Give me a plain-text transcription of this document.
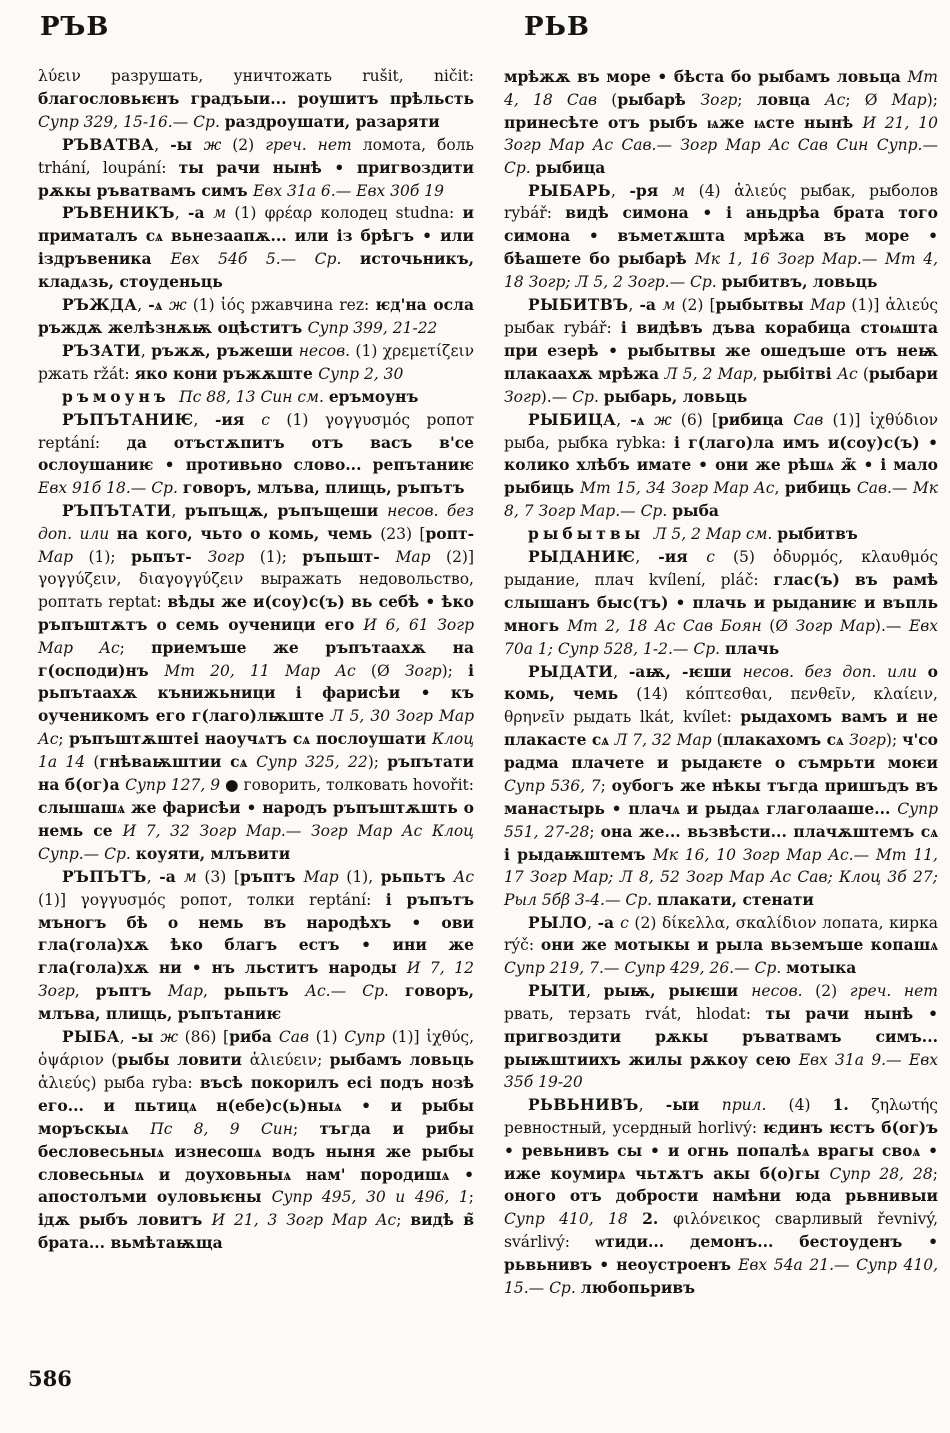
РЪВ

λύειν разрушать, уничтожать rušit, ničit: благословьѥнъ градъыи... роушитъ прѣльсть Супр 329, 15-16.— Ср. раздроушати, разаряти

РЪВАТВА, -ы ж (2) греч. нет ломота, боль trhání, loupání: ты рачи нынѣ • пригвоздити рѫкы ръватвамъ симъ Евх 31а 6.— Евх 30б 19

РЪВЕНИКЪ, -а м (1) φρέαρ колодец studna: и приматалъ сѧ вьнезаапѫ... или із брѣгъ • или іздръвеника Евх 54б 5.— Ср. источьникъ, кладѧзь, стоуденьць

РЪЖДА, -ѧ ж (1) ἰός ржавчина rez: ѥд'на осла ръждѫ желѣзнѫѭ оцѣститъ Супр 399, 21-22

РЪЗАТИ, ръжѫ, ръжеши несов. (1) χρεμετίζειν ржать ržát: яко кони ръжѫште Супр 2, 30

ръмоунъ Пс 88, 13 Син см. еръмоунъ

РЪПЪТАНИѤ, -ия с (1) γογγυσμός ропот reptání: да отъстѫпитъ отъ васъ в'се ослоушаниѥ • противьно слово... репътаниѥ Евх 91б 18.— Ср. говоръ, млъва, плищь, ръпътъ

РЪПЪТАТИ, ръпъщѫ, ръпъщеши несов. без доп. или на кого, чьто о комь, чемь (23) [ропт- Мар (1); рьпът- Зогр (1); ръпьшт- Мар (2)] γογγύζειν, διαγογγύζειν выражать недовольство, роптать reptat: вѣды же и(соу)с(ъ) вь себѣ • ѣко ръпъштѫтъ о семь оученици его И 6, 61 Зогр Мар Ас; приемъше же ръпътаахѫ на г(осподи)нъ Мт 20, 11 Мар Ас (Ø Зогр); і рьпътаахѫ кънижьници і фарисѣи • къ оученикомъ его г(лаго)лѭште Л 5, 30 Зогр Мар Ас; ръпъштѫштеі наоучѧтъ сѧ послоушати Клоц 1а 14 (гнѣваѭштии сѧ Супр 325, 22); ръпътати на б(ог)а Супр 127, 9 ● говорить, толковать hovořit: слышашѧ же фарисѣи • народъ ръпъштѫшть о немь се И 7, 32 Зогр Мар.— Зогр Мар Ас Клоц Супр.— Ср. коуяти, млъвити

РЪПЪТЪ, -а м (3) [ръптъ Мар (1), рьпьтъ Ас (1)] γογγυσμός ропот, толки reptání: і ръпътъ мъногъ бѣ о немь въ народѣхъ • ови гла(гола)хѫ ѣко благъ естъ • ини же гла(гола)хѫ ни • нъ льститъ народы И 7, 12 Зогр, ръптъ Мар, рьпьтъ Ас.— Ср. говоръ, млъва, плищь, ръпътаниѥ

РЫБА, -ы ж (86) [риба Сав (1) Супр (1)] ἰχθύς, ὀψάριον (рыбы ловити ἁλιεύειν; рыбамъ ловьць ἁλιεύς) рыба ryba: въсѣ покорилъ есі подъ нозѣ его... и пьтицѧ н(ебе)с(ь)ныѧ • и рыбы моръскыѧ Пс 8, 9 Син; тъгда и рибы бесловесьныѧ изнесошѧ водъ ныня же рыбы словесьныѧ и доуховьныѧ нам' породишѧ • апостолъми оуловьѥны Супр 495, 30 и 496, 1; ідѫ рыбъ ловитъ И 21, 3 Зогр Мар Ас; видѣ в̃ брата... вьмѣтаѭща

РЬВ

мрѣжѫ въ море • бѣста бо рыбамъ ловьца Мт 4, 18 Сав (рыбарѣ Зогр; ловца Ас; Ø Мар); принесѣте отъ рыбъ ѩже ѩсте нынѣ И 21, 10 Зогр Мар Ас Сав.— Зогр Мар Ас Сав Син Супр.— Ср. рыбица

РЫБАРЬ, -ря м (4) ἁλιεύς рыбак, рыболов rybář: видѣ симона • і аньдрѣа брата того симона • въметѫшта мрѣжа въ море • бѣашете бо рыбарѣ Мк 1, 16 Зогр Мар.— Мт 4, 18 Зогр; Л 5, 2 Зогр.— Ср. рыбитвъ, ловьць

РЫБИТВЪ, -а м (2) [рыбытвы Мар (1)] ἁλιεύς рыбак rybář: і видѣвъ дъва корабица стоѩшта при езерѣ • рыбытвы же ошедъше отъ неѭ плакаахѫ мрѣжа Л 5, 2 Мар, рыбітві Ас (рыбари Зогр).— Ср. рыбарь, ловьць

РЫБИЦА, -ѧ ж (6) [рибица Сав (1)] ἰχθύδιον рыба, рыбка rybka: і г(лаго)ла имъ и(соу)с(ъ) • колико хлѣбъ имате • они же рѣшѧ ж̃ • і мало рыбиць Мт 15, 34 Зогр Мар Ас, рибиць Сав.— Мк 8, 7 Зогр Мар.— Ср. рыба

рыбытвы Л 5, 2 Мар см. рыбитвъ

РЫДАНИѤ, -ия с (5) ὀδυρμός, κλαυθμός рыдание, плач kvílení, pláč: глас(ъ) въ рамѣ слышанъ быс(тъ) • плачь и рыданиѥ и въпль многь Мт 2, 18 Ас Сав Боян (Ø Зогр Мар).— Евх 70а 1; Супр 528, 1-2.— Ср. плачь

РЫДАТИ, -аѭ, -ѥши несов. без доп. или о комь, чемь (14) κόπτεσθαι, πενθεῖν, κλαίειν, θρηνεῖν рыдать lkát, kvílet: рыдахомъ вамъ и не плакасте сѧ Л 7, 32 Мар (плакахомъ сѧ Зогр); ч'со радма плачете и рыдаѥте о съмрьти моѥи Супр 536, 7; оубогъ же нѣкы тъгда пришъдъ въ манастырь • плачѧ и рыдаѧ глаголааше... Супр 551, 27-28; она же... вьзвѣсти... плачѫштемъ сѧ і рыдаѭштемъ Мк 16, 10 Зогр Мар Ас.— Мт 11, 17 Зогр Мар; Л 8, 52 Зогр Мар Ас Сав; Клоц 3б 27; Рыл 5бβ 3-4.— Ср. плакати, стенати

РЫЛО, -а с (2) δίκελλα, σκαλίδιον лопата, кирка rýč: они же мотыкы и рыла вьземъше копашѧ Супр 219, 7.— Супр 429, 26.— Ср. мотыка

РЫТИ, рыѭ, рыѥши несов. (2) греч. нет рвать, терзать rvát, hlodat: ты рачи нынѣ • пригвоздити рѫкы ръватвамъ симъ... рыѭштиихъ жилы рѫкоу сею Евх 31а 9.— Евх 35б 19-20

РЬВЬНИВЪ, -ыи прил. (4) 1. ζηλωτής ревностный, усердный horlivý: ѥдинъ ѥстъ б(ог)ъ • ревьнивъ сы • и огнь попалѣѧ врагы своѧ • иже коумирѧ чьтѫтъ акы б(о)гы Супр 28, 28; оного отъ добрости намѣни юда рьвнивыи Супр 410, 18 2. φιλόνεικος сварливый řevnivý, svárlivý: ѡтиди... демонъ... бестоуденъ • рьвьнивъ • неоустроенъ Евх 54а 21.— Супр 410, 15.— Ср. любопьривъ

586
